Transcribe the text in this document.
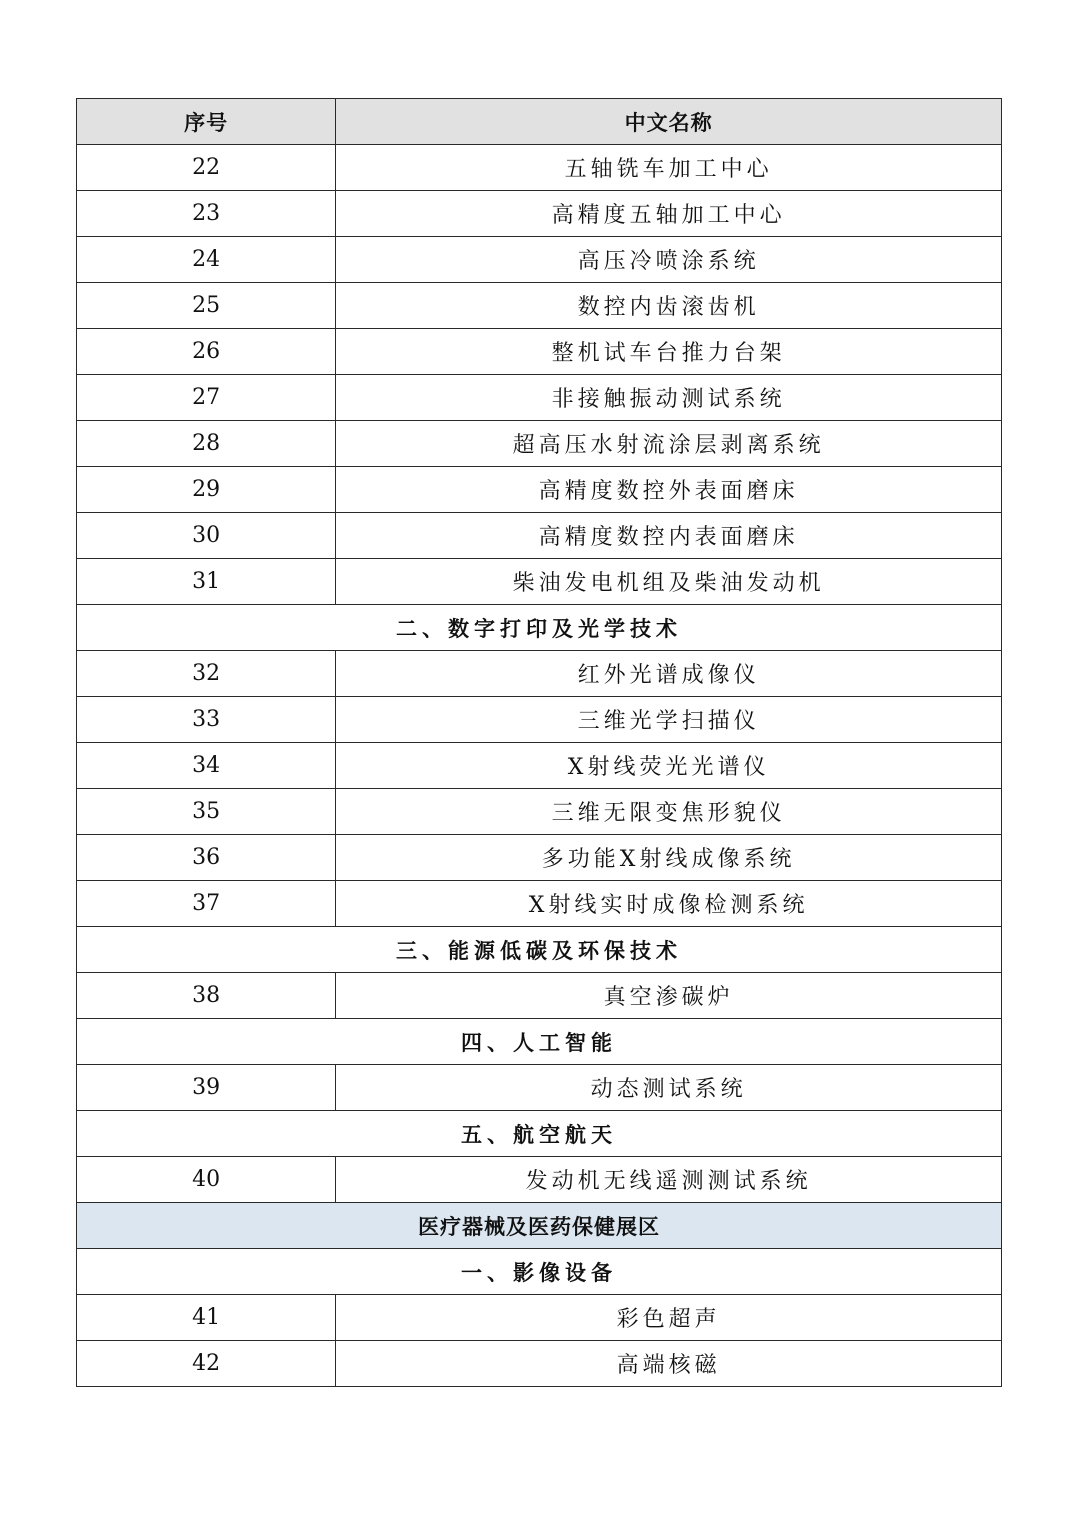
序号	中文名称
22	五轴铣车加工中心
23	高精度五轴加工中心
24	高压冷喷涂系统
25	数控内齿滚齿机
26	整机试车台推力台架
27	非接触振动测试系统
28	超高压水射流涂层剥离系统
29	高精度数控外表面磨床
30	高精度数控内表面磨床
31	柴油发电机组及柴油发动机
二、数字打印及光学技术	
32	红外光谱成像仪
33	三维光学扫描仪
34	X射线荧光光谱仪
35	三维无限变焦形貌仪
36	多功能X射线成像系统
37	X射线实时成像检测系统
三、能源低碳及环保技术	
38	真空渗碳炉
四、人工智能	
39	动态测试系统
五、航空航天	
40	发动机无线遥测测试系统
医疗器械及医药保健展区	
一、影像设备	
41	彩色超声
42	高端核磁
